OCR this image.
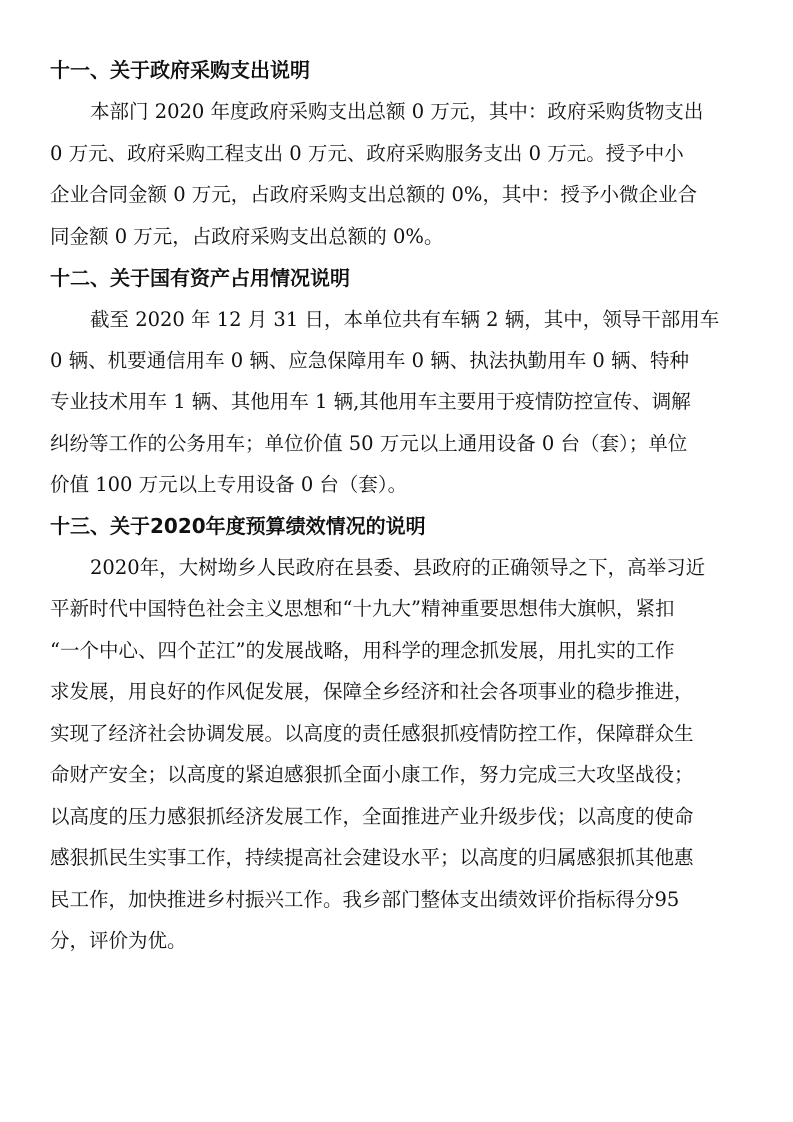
十一、关于政府采购支出说明

本部门 2020 年度政府采购支出总额 0 万元，其中：政府采购货物支出

0 万元、政府采购工程支出 0 万元、政府采购服务支出 0 万元。授予中小

企业合同金额 0 万元，占政府采购支出总额的 0%，其中：授予小微企业合

同金额 0 万元，占政府采购支出总额的 0%。

十二、关于国有资产占用情况说明

截至 2020 年 12 月 31 日，本单位共有车辆 2 辆，其中，领导干部用车

0 辆、机要通信用车 0 辆、应急保障用车 0 辆、执法执勤用车 0 辆、特种

专业技术用车 1 辆、其他用车 1 辆,其他用车主要用于疫情防控宣传、调解

纠纷等工作的公务用车；单位价值 50 万元以上通用设备 0 台（套）；单位

价值 100 万元以上专用设备 0 台（套）。

十三、关于2020年度预算绩效情况的说明

2020年，大树坳乡人民政府在县委、县政府的正确领导之下，高举习近

平新时代中国特色社会主义思想和“十九大”精神重要思想伟大旗帜，紧扣

“一个中心、四个芷江”的发展战略，用科学的理念抓发展，用扎实的工作

求发展，用良好的作风促发展，保障全乡经济和社会各项事业的稳步推进，

实现了经济社会协调发展。以高度的责任感狠抓疫情防控工作，保障群众生

命财产安全；以高度的紧迫感狠抓全面小康工作，努力完成三大攻坚战役；

以高度的压力感狠抓经济发展工作，全面推进产业升级步伐；以高度的使命

感狠抓民生实事工作，持续提高社会建设水平；以高度的归属感狠抓其他惠

民工作，加快推进乡村振兴工作。我乡部门整体支出绩效评价指标得分95

分，评价为优。
